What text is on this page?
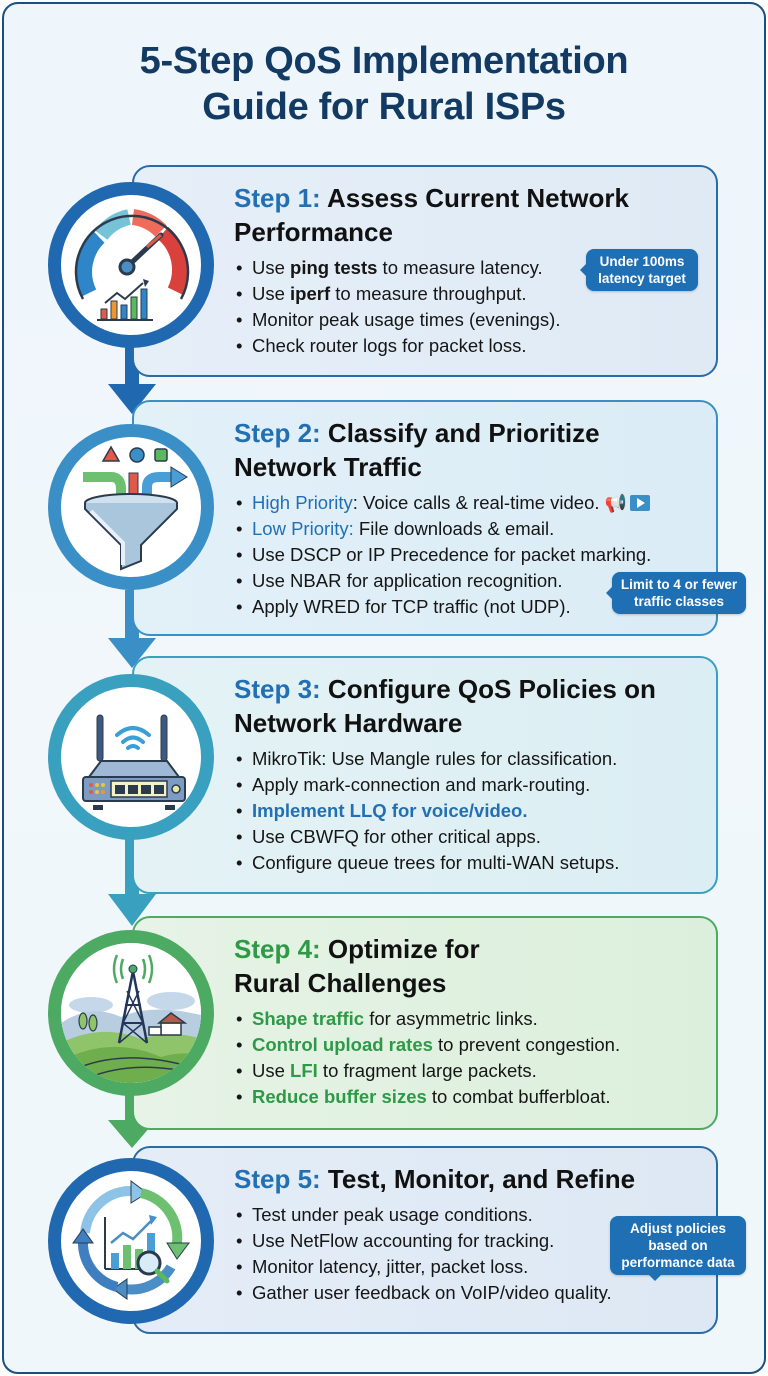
5-Step QoS Implementation
Guide for Rural ISPs
Step 1: Assess Current Network
Performance
• Use ping tests to measure latency.
• Use iperf to measure throughput.
• Monitor peak usage times (evenings).
• Check router logs for packet loss.
Under 100ms
latency target
Step 2: Classify and Prioritize
Network Traffic
• High Priority: Voice calls & real-time video. 📢
• Low Priority: File downloads & email.
• Use DSCP or IP Precedence for packet marking.
• Use NBAR for application recognition.
• Apply WRED for TCP traffic (not UDP).
Limit to 4 or fewer
traffic classes
Step 3: Configure QoS Policies on
Network Hardware
• MikroTik: Use Mangle rules for classification.
• Apply mark-connection and mark-routing.
• Implement LLQ for voice/video.
• Use CBWFQ for other critical apps.
• Configure queue trees for multi-WAN setups.
Step 4: Optimize for
Rural Challenges
• Shape traffic for asymmetric links.
• Control upload rates to prevent congestion.
• Use LFI to fragment large packets.
• Reduce buffer sizes to combat bufferbloat.
Step 5: Test, Monitor, and Refine
• Test under peak usage conditions.
• Use NetFlow accounting for tracking.
• Monitor latency, jitter, packet loss.
• Gather user feedback on VoIP/video quality.
Adjust policies
based on
performance data
